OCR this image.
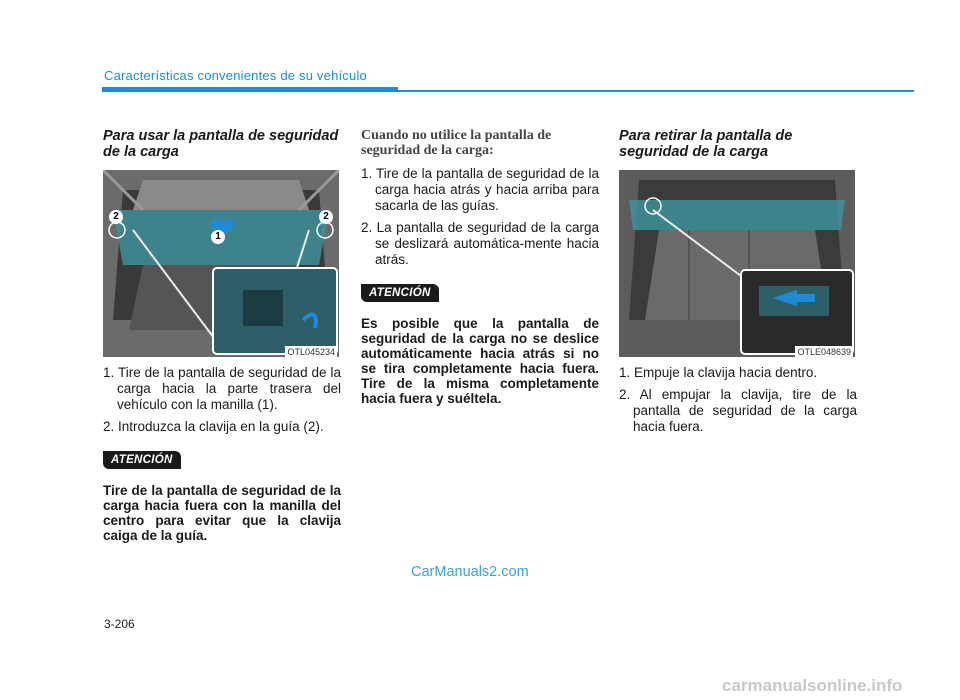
Características convenientes de su vehículo
Para usar la pantalla de seguridad de la carga
1
2	2
OTL045234
1. Tire de la pantalla de seguridad de la carga hacia la parte trasera del vehículo con la manilla (1).
2. Introduzca la clavija en la guía (2).
ATENCIÓN
Tire de la pantalla de seguridad de la carga hacia fuera con la manilla del centro para evitar que la clavija caiga de la guía.
Cuando no utilice la pantalla de seguridad de la carga:
1. Tire de la pantalla de seguridad de la carga hacia atrás y hacia arriba para sacarla de las guías.
2. La pantalla de seguridad de la carga se deslizará automática-mente hacia atrás.
ATENCIÓN
Es posible que la pantalla de seguridad de la carga no se deslice automáticamente hacia atrás si no se tira completamente hacia fuera. Tire de la misma completamente hacia fuera y suéltela.
Para retirar la pantalla de seguridad de la carga
OTLE048639
1. Empuje la clavija hacia dentro.
2. Al empujar la clavija, tire de la pantalla de seguridad de la carga hacia fuera.
CarManuals2.com
3-206
carmanualsonline.info
